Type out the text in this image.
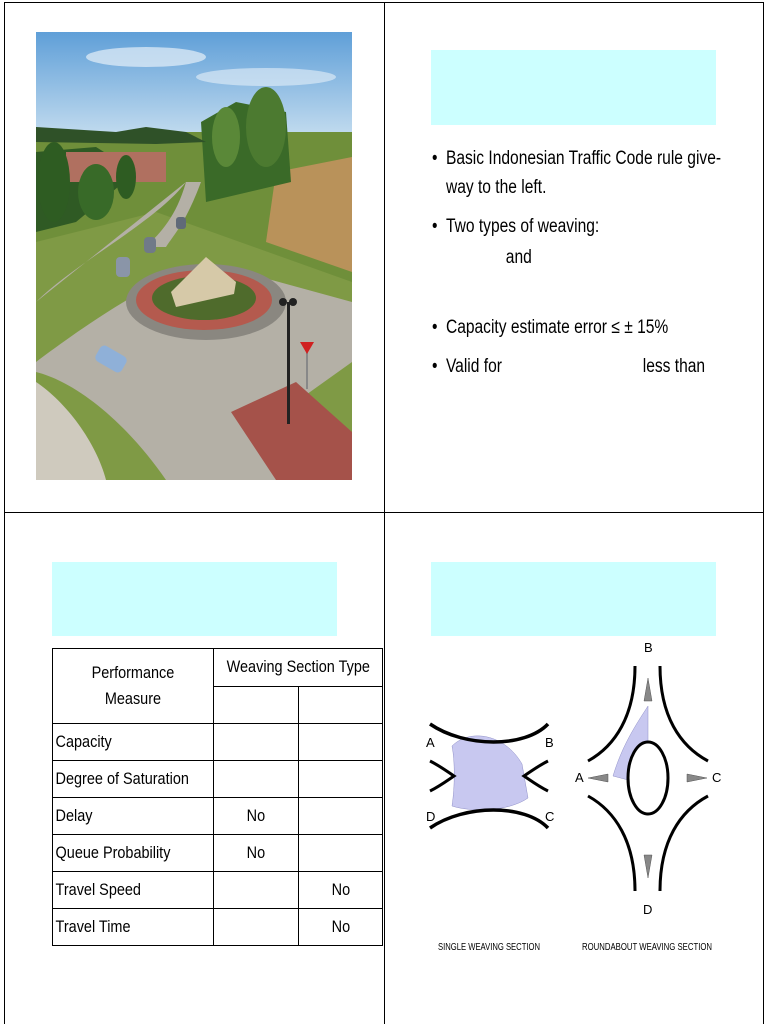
• Basic Indonesian Traffic Code rule give-
way to the left.
• Two types of weaving:
and
• Capacity estimate error ≤ ± 15%
• Valid for	less than
Performance
Measure	Weaving Section Type	

Capacity		

Degree of Saturation		

Delay	No	

Queue Probability	No	

Travel Speed		No

Travel Time		No
A	B
C
D
SINGLE WEAVING SECTION
A
B
C
D
ROUNDABOUT WEAVING SECTION
